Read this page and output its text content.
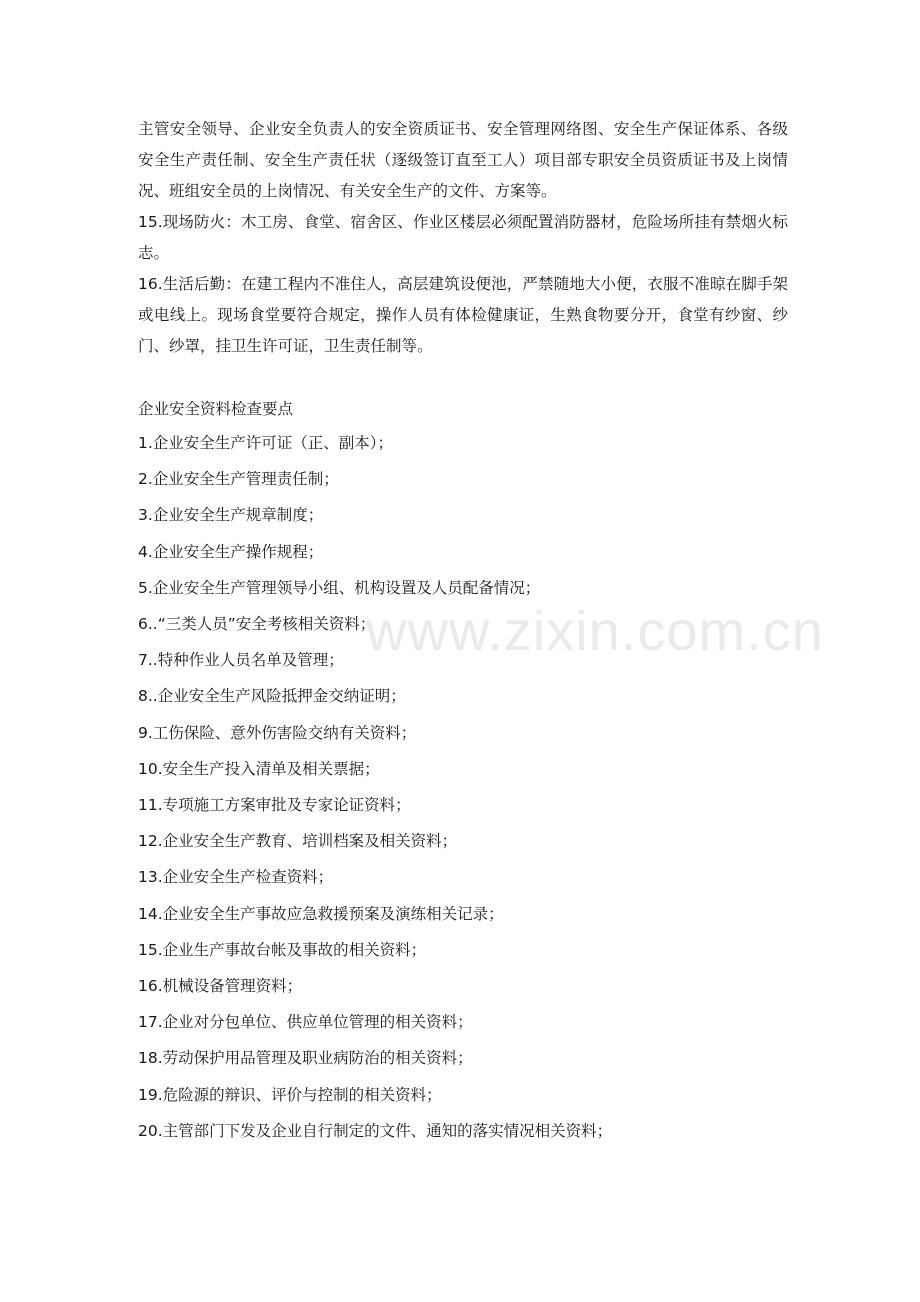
主管安全领导、企业安全负责人的安全资质证书、安全管理网络图、安全生产保证体系、各级安全生产责任制、安全生产责任状（逐级签订直至工人）项目部专职安全员资质证书及上岗情况、班组安全员的上岗情况、有关安全生产的文件、方案等。

15.现场防火：木工房、食堂、宿舍区、作业区楼层必须配置消防器材，危险场所挂有禁烟火标志。

16.生活后勤：在建工程内不准住人，高层建筑设便池，严禁随地大小便，衣服不准晾在脚手架或电线上。现场食堂要符合规定，操作人员有体检健康证，生熟食物要分开，食堂有纱窗、纱门、纱罩，挂卫生许可证，卫生责任制等。

企业安全资料检查要点

1.企业安全生产许可证（正、副本）；
2.企业安全生产管理责任制；
3.企业安全生产规章制度；
4.企业安全生产操作规程；
5.企业安全生产管理领导小组、机构设置及人员配备情况；
6..“三类人员”安全考核相关资料；
7..特种作业人员名单及管理；
8..企业安全生产风险抵押金交纳证明；
9.工伤保险、意外伤害险交纳有关资料；
10.安全生产投入清单及相关票据；
11.专项施工方案审批及专家论证资料；
12.企业安全生产教育、培训档案及相关资料；
13.企业安全生产检查资料；
14.企业安全生产事故应急救援预案及演练相关记录；
15.企业生产事故台帐及事故的相关资料；
16.机械设备管理资料；
17.企业对分包单位、供应单位管理的相关资料；
18.劳动保护用品管理及职业病防治的相关资料；
19.危险源的辩识、评价与控制的相关资料；
20.主管部门下发及企业自行制定的文件、通知的落实情况相关资料；
www.zixin.com.cn
